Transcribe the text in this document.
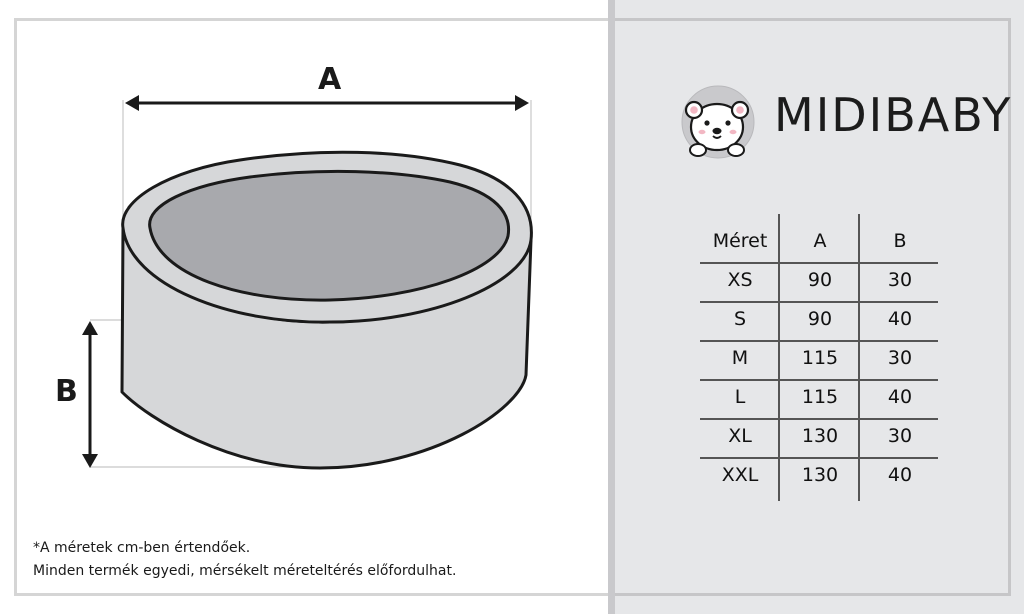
A
B
*A méretek cm-ben értendőek.
Minden termék egyedi, mérsékelt méreteltérés előfordulhat.
MIDIBABY
Méret	A	B
XS	90	30
S	90	40
M	115	30
L	115	40
XL	130	30
XXL	130	40
